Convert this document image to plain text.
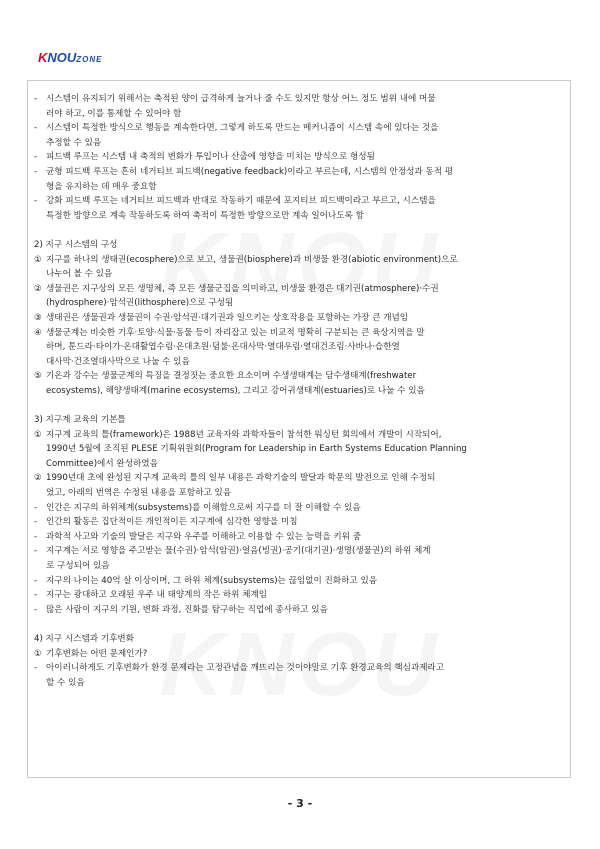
KNOUZONE
-	시스템이 유지되기 위해서는 축적된 양이 급격하게 늘거나 줄 수도 있지만 항상 어느 정도 범위 내에 머물
러야 하고, 이를 통제할 수 있어야 함
-	시스템이 특정한 방식으로 행동을 계속한다면, 그렇게 하도록 만드는 메커니즘이 시스템 속에 있다는 것을
추정할 수 있음
-	피드백 루프는 시스템 내 축적의 변화가 투입이나 산출에 영향을 미치는 방식으로 형성됨
-	균형 피드백 루프는 흔히 네거티브 피드백(negative feedback)이라고 부르는데, 시스템의 안정성과 동적 평
형을 유지하는 데 매우 중요함
-	강화 피드백 루프는 네거티브 피드백과 반대로 작동하기 때문에 포지티브 피드백이라고 부르고, 시스템을
특정한 방향으로 계속 작동하도록 하여 축적이 특정한 방향으로만 계속 일어나도록 함
2) 지구 시스템의 구성
① 지구를 하나의 생태권(ecosphere)으로 보고, 생물권(biosphere)과 비생물 환경(abiotic environment)으로
나누어 볼 수 있음
② 생물권은 지구상의 모든 생명체, 즉 모든 생물군집을 의미하고, 비생물 환경은 대기권(atmosphere)·수권
(hydrosphere)·암석권(lithosphere)으로 구성됨
③ 생태권은 생물권과 생물권이 수권·암석권·대기권과 일으키는 상호작용을 포함하는 가장 큰 개념임
④ 생물군계는 비슷한 기후·토양·식물·동물 등이 자리잡고 있는 비교적 명확히 구분되는 큰 육상지역을 말
하며, 툰드라·타이가·온대활엽수림·온대초원·덤불·온대사막·열대우림·열대건조림·사바나·습한열
대사막·건조열대사막으로 나눌 수 있음
⑤ 기온과 강수는 생물군계의 특징을 결정짓는 중요한 요소이며 수생생태계는 담수생태계(freshwater
ecosystems), 해양생태계(marine ecosystems), 그리고 강어귀생태계(estuaries)로 나눌 수 있음
3) 지구계 교육의 기본틀
① 지구계 교육의 틀(framework)은 1988년 교육자와 과학자들이 참석한 워싱턴 회의에서 개발이 시작되어,
1990년 5월에 조직된 PLESE 기획위원회(Program for Leadership in Earth Systems Education Planning
Committee)에서 완성하였음
② 1990년대 초에 완성된 지구계 교육의 틀의 일부 내용은 과학기술의 발달과 학문의 발전으로 인해 수정되
었고, 아래의 번역은 수정된 내용을 포함하고 있음
-	인간은 지구의 하위체계(subsystems)를 이해함으로써 지구를 더 잘 이해할 수 있음
-	인간의 활동은 집단적이든 개인적이든 지구계에 심각한 영향을 미침
-	과학적 사고와 기술의 발달은 지구와 우주를 이해하고 이용할 수 있는 능력을 키워 줌
-	지구계는 서로 영향을 주고받는 물(수권)·암석(암권)·얼음(빙권)·공기(대기권)·생명(생물권)의 하위 체계
로 구성되어 있음
-	지구의 나이는 40억 살 이상이며, 그 하위 체계(subsystems)는 끊임없이 진화하고 있음
-	지구는 광대하고 오래된 우주 내 태양계의 작은 하위 체계임
-	많은 사람이 지구의 기원, 변화 과정, 진화를 탐구하는 직업에 종사하고 있음
4) 지구 시스템과 기후변화
① 기후변화는 어떤 문제인가?
-	아이러니하게도 기후변화가 환경 문제라는 고정관념을 깨뜨리는 것이야말로 기후 환경교육의 핵심과제라고
할 수 있음
- 3 -
